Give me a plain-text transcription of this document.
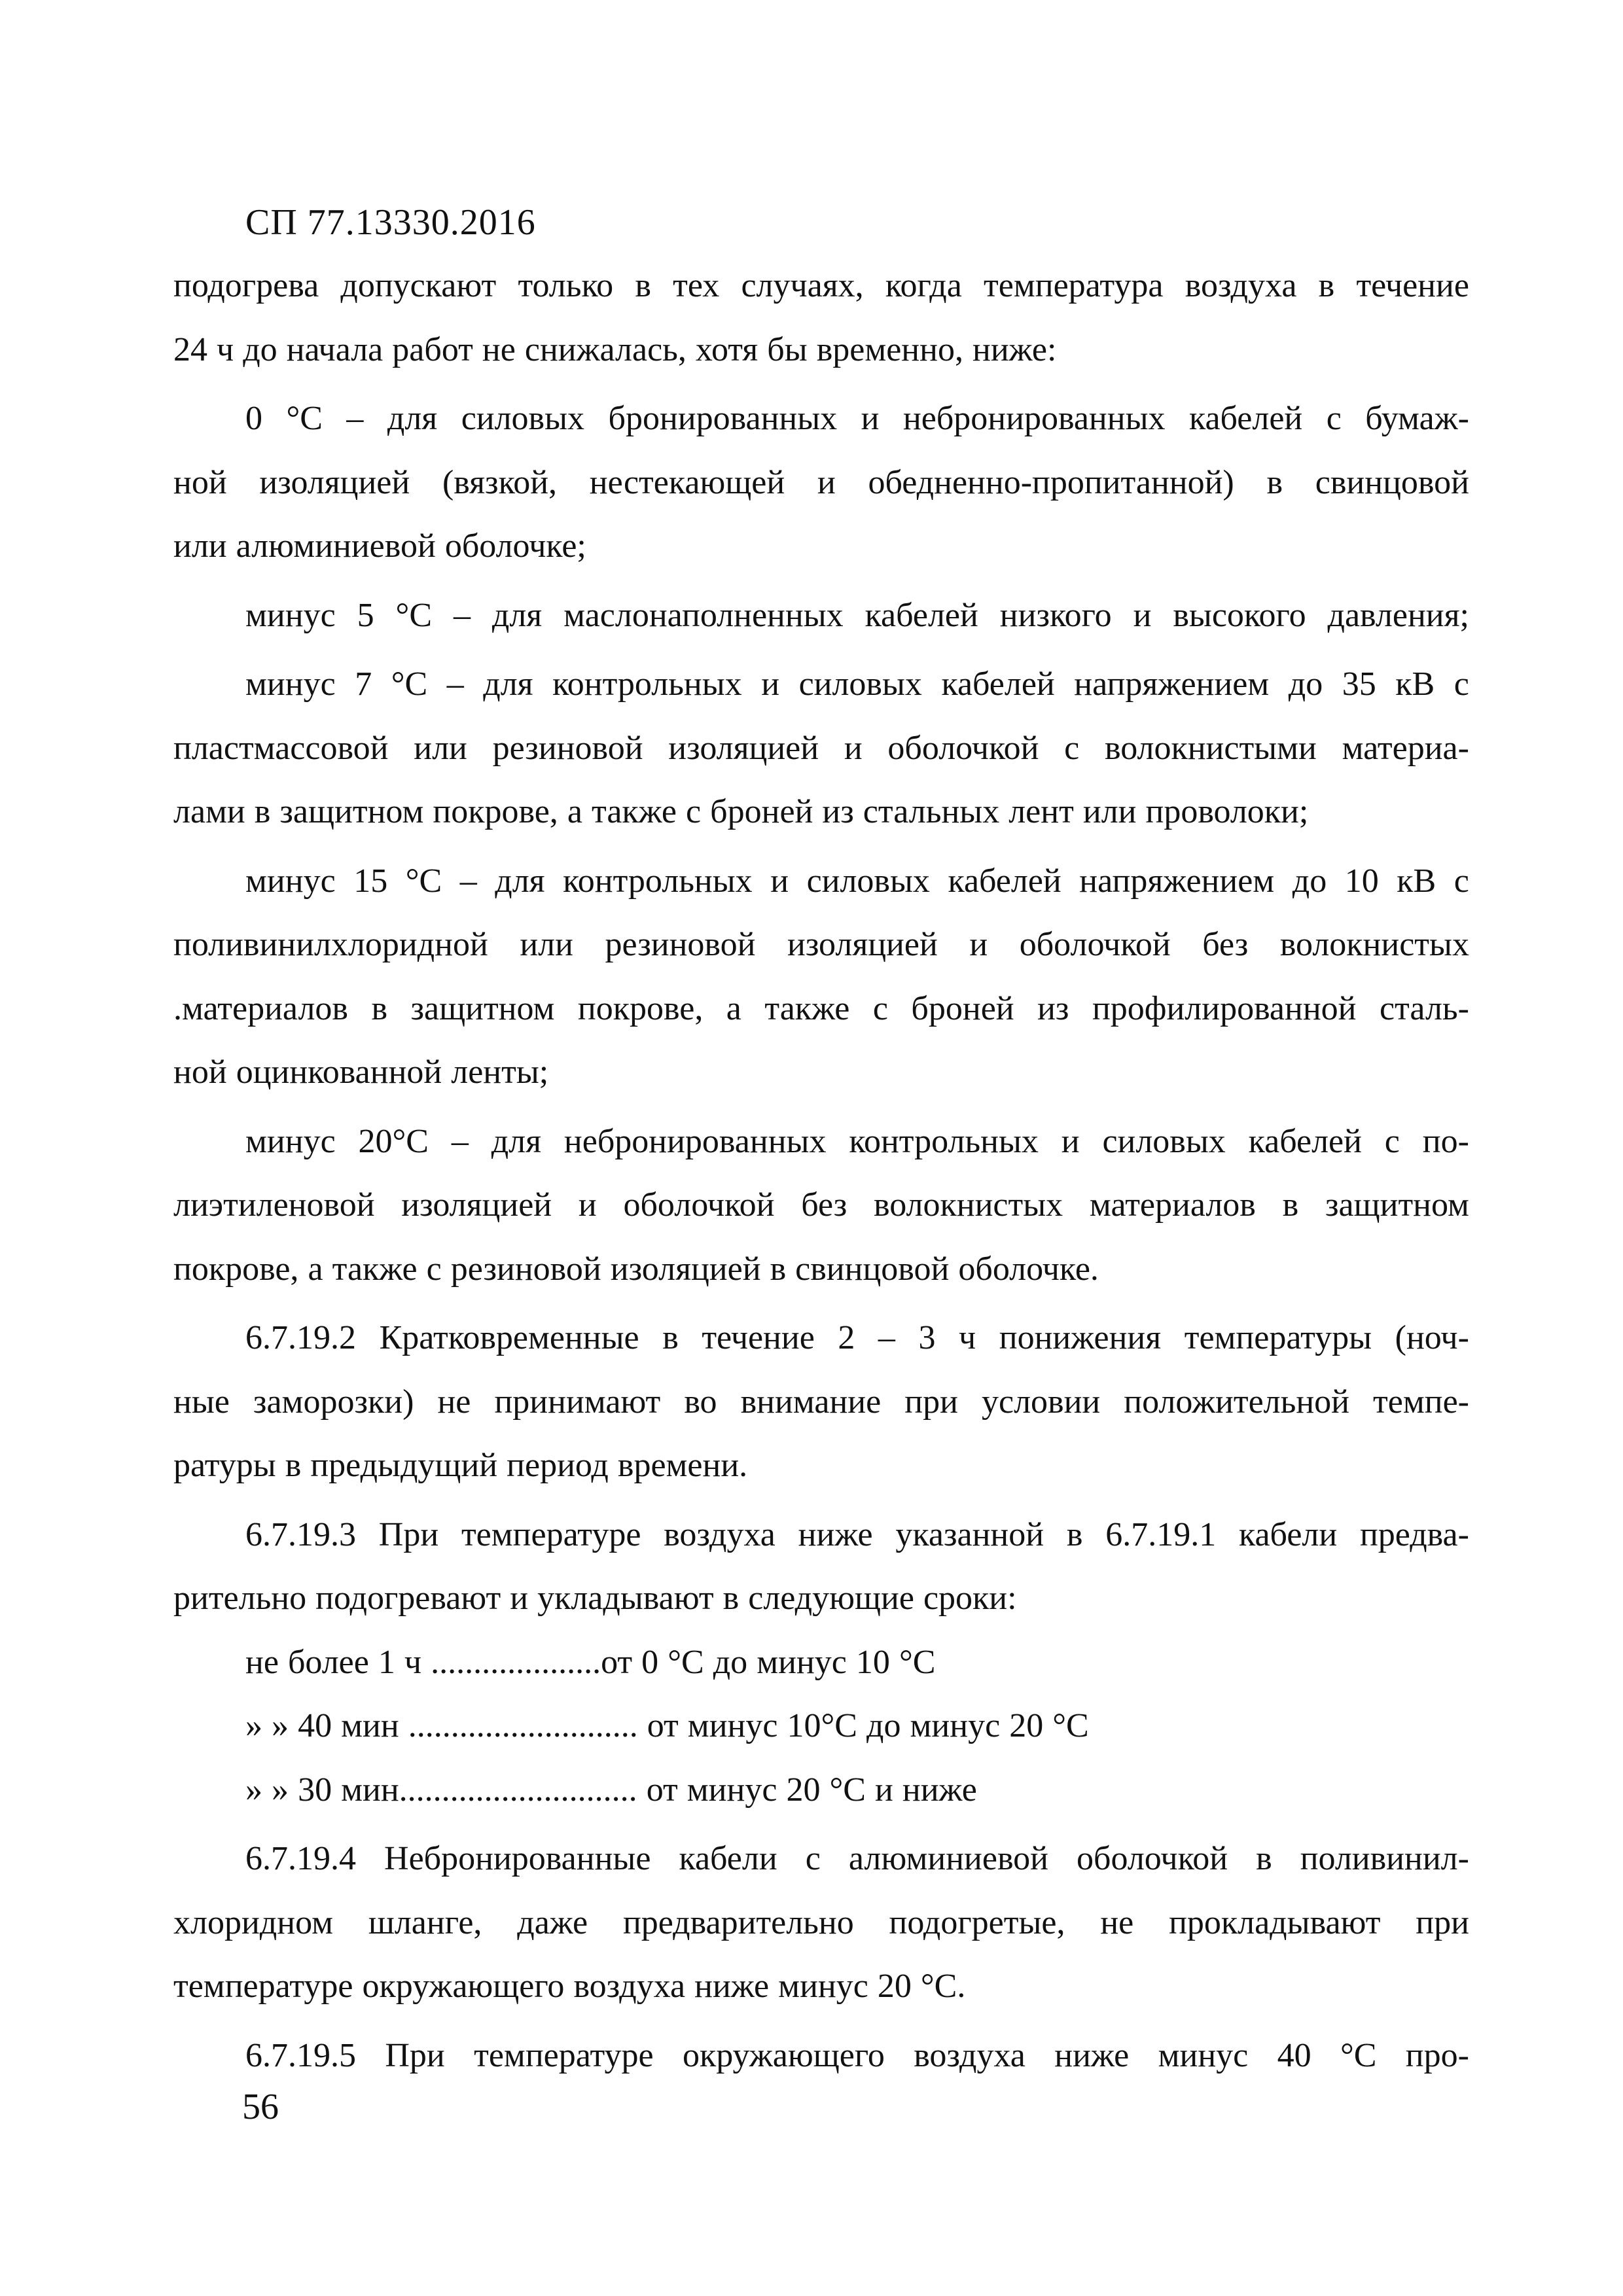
СП 77.13330.2016
подогрева допускают только в тех случаях, когда температура воздуха в течение
24 ч до начала работ не снижалась, хотя бы временно, ниже:
0 °С – для силовых бронированных и небронированных кабелей с бумаж-
ной изоляцией (вязкой, нестекающей и обедненно-пропитанной) в свинцовой
или алюминиевой оболочке;
минус 5 °С – для маслонаполненных кабелей низкого и высокого давления;
минус 7 °С – для контрольных и силовых кабелей напряжением до 35 кВ с
пластмассовой или резиновой изоляцией и оболочкой с волокнистыми материа-
лами в защитном покрове, а также с броней из стальных лент или проволоки;
минус 15 °С – для контрольных и силовых кабелей напряжением до 10 кВ с
поливинилхлоридной или резиновой изоляцией и оболочкой без волокнистых
.материалов в защитном покрове, а также с броней из профилированной сталь-
ной оцинкованной ленты;
минус 20°С – для небронированных контрольных и силовых кабелей с по-
лиэтиленовой изоляцией и оболочкой без волокнистых материалов в защитном
покрове, а также с резиновой изоляцией в свинцовой оболочке.
6.7.19.2 Кратковременные в течение 2 – 3 ч понижения температуры (ноч-
ные заморозки) не принимают во внимание при условии положительной темпе-
ратуры в предыдущий период времени.
6.7.19.3 При температуре воздуха ниже указанной в 6.7.19.1 кабели предва-
рительно подогревают и укладывают в следующие сроки:
не более 1 ч ....................от 0 °С до минус 10 °С
» » 40 мин ........................... от минус 10°С до минус 20 °С
» » 30 мин............................ от минус 20 °С и ниже
6.7.19.4 Небронированные кабели с алюминиевой оболочкой в поливинил-
хлоридном шланге, даже предварительно подогретые, не прокладывают при
температуре окружающего воздуха ниже минус 20 °С.
6.7.19.5 При температуре окружающего воздуха ниже минус 40 °С про-
56
